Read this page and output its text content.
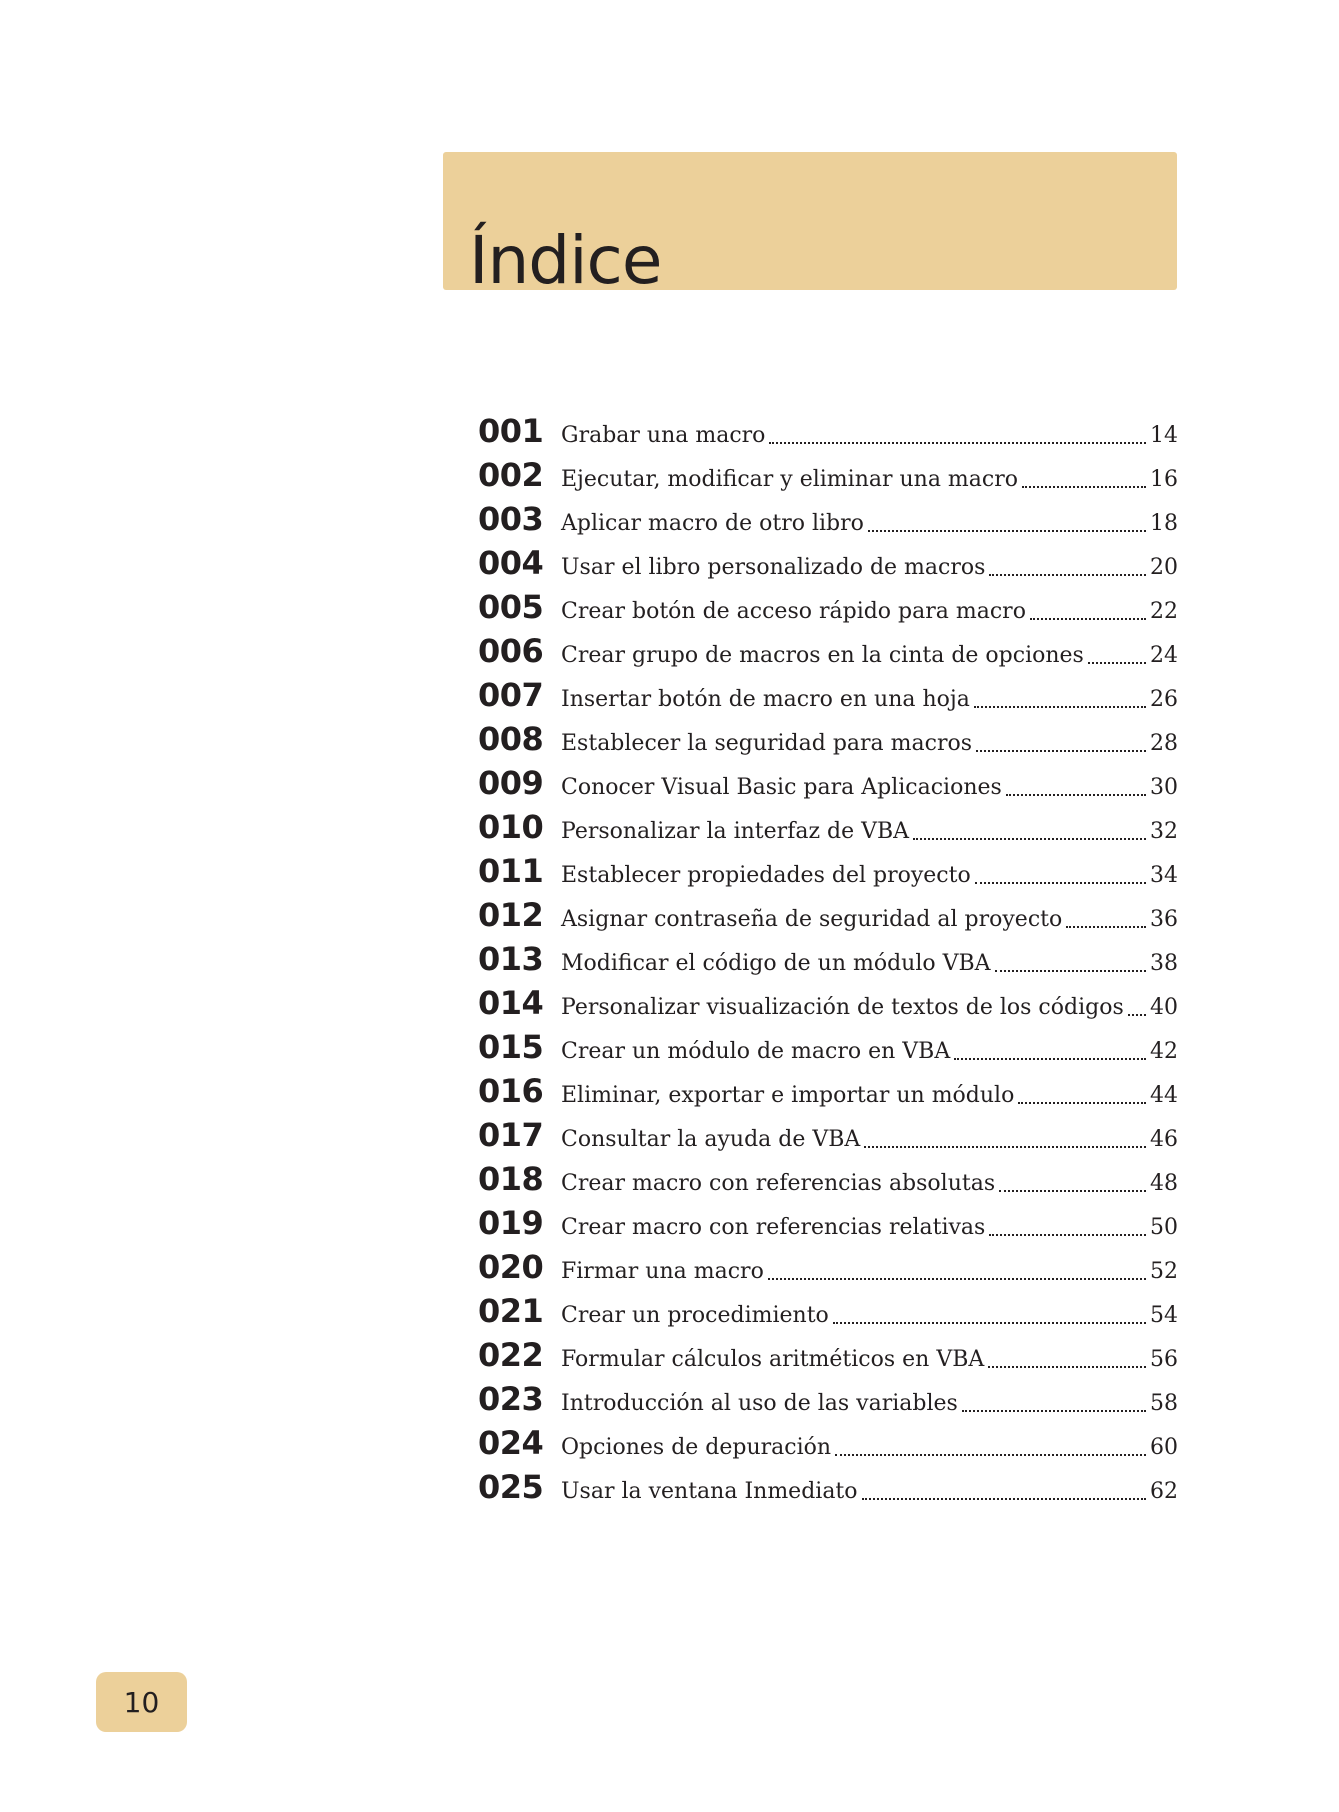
Índice
001 Grabar una macro	14
002 Ejecutar, modificar y eliminar una macro	16
003 Aplicar macro de otro libro	18
004 Usar el libro personalizado de macros	20
005 Crear botón de acceso rápido para macro	22
006 Crear grupo de macros en la cinta de opciones	24
007 Insertar botón de macro en una hoja	26
008 Establecer la seguridad para macros	28
009 Conocer Visual Basic para Aplicaciones	30
010 Personalizar la interfaz de VBA	32
011 Establecer propiedades del proyecto	34
012 Asignar contraseña de seguridad al proyecto	36
013 Modificar el código de un módulo VBA	38
014 Personalizar visualización de textos de los códigos 40
015 Crear un módulo de macro en VBA	42
016 Eliminar, exportar e importar un módulo	44
017 Consultar la ayuda de VBA	46
018 Crear macro con referencias absolutas	48
019 Crear macro con referencias relativas	50
020 Firmar una macro	52
021 Crear un procedimiento	54
022 Formular cálculos aritméticos en VBA	56
023 Introducción al uso de las variables	58
024 Opciones de depuración	60
025 Usar la ventana Inmediato	62
10
